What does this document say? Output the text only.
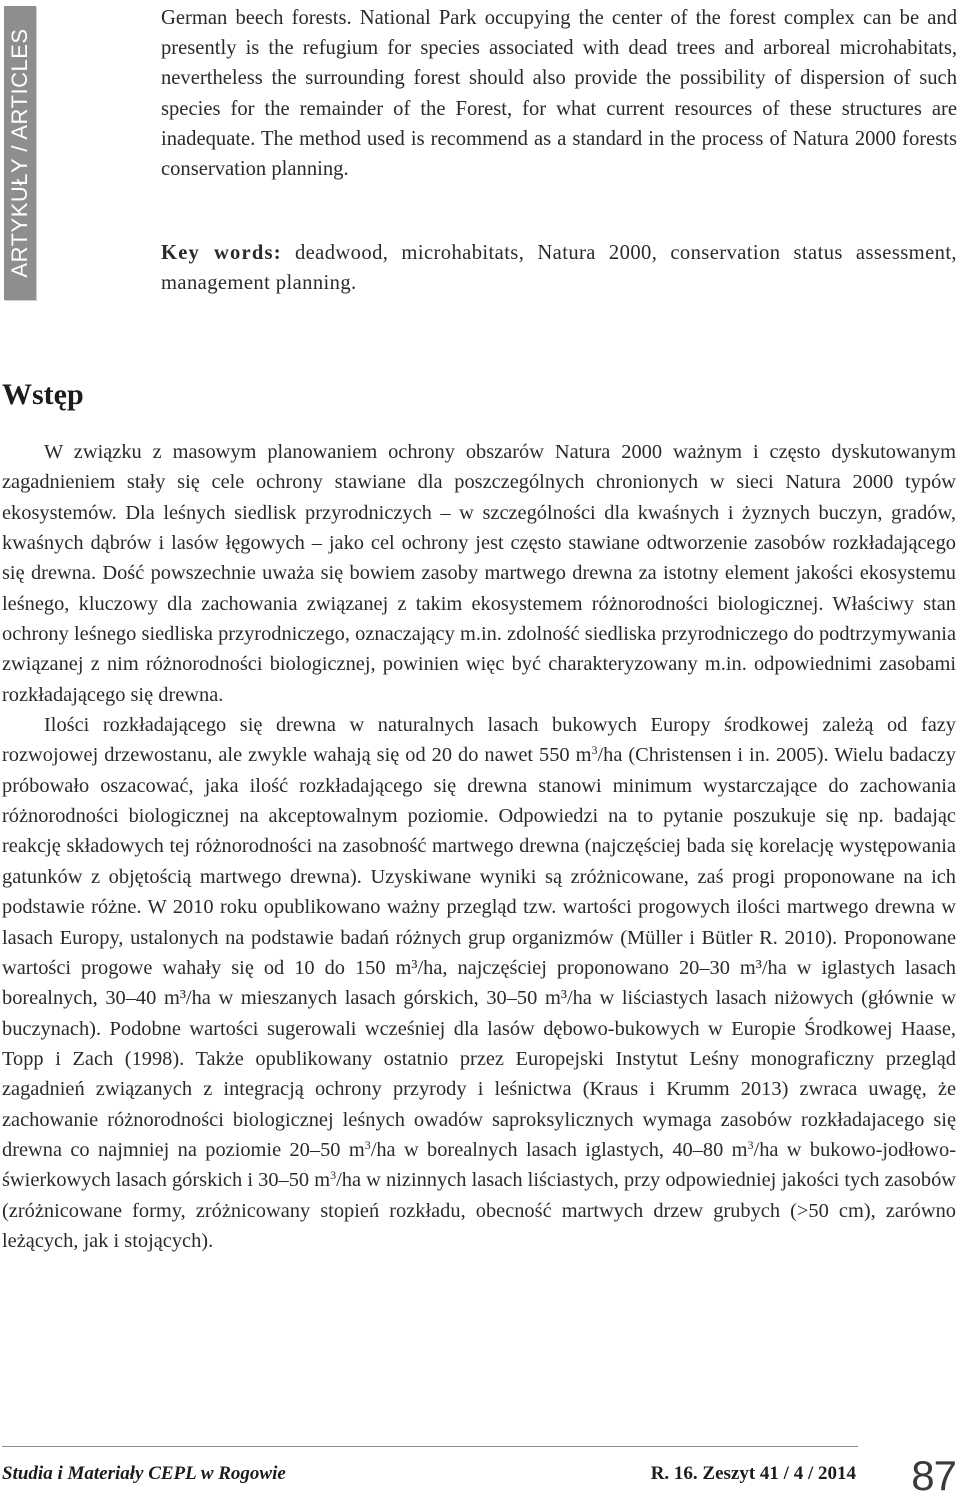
ARTYKUŁY / ARTICLES

German beech forests. National Park occupying the center of the forest complex can be and presently is the refugium for species associated with dead trees and arboreal microhabitats, nevertheless the surrounding forest should also provide the possibility of dispersion of such species for the remainder of the Forest, for what current resources of these structures are inadequate. The method used is recommend as a standard in the process of Natura 2000 forests conservation planning.

Key words: deadwood, microhabitats, Natura 2000, conservation status assessment, management planning.

Wstęp

W związku z masowym planowaniem ochrony obszarów Natura 2000 ważnym i często dyskutowanym zagadnieniem stały się cele ochrony stawiane dla poszczególnych chronionych w sieci Natura 2000 typów ekosystemów. Dla leśnych siedlisk przyrodniczych – w szczególności dla kwaśnych i żyznych buczyn, gradów, kwaśnych dąbrów i lasów łęgowych – jako cel ochrony jest często stawiane odtworzenie zasobów rozkładającego się drewna. Dość powszechnie uważa się bowiem zasoby martwego drewna za istotny element jakości ekosystemu leśnego, kluczowy dla zachowania związanej z takim ekosystemem różnorodności biologicznej. Właściwy stan ochrony leśnego siedliska przyrodniczego, oznaczający m.in. zdolność siedliska przyrodniczego do podtrzymywania związanej z nim różnorodności biologicznej, powinien więc być charakteryzowany m.in. odpowiednimi zasobami rozkładającego się drewna.

Ilości rozkładającego się drewna w naturalnych lasach bukowych Europy środkowej zależą od fazy rozwojowej drzewostanu, ale zwykle wahają się od 20 do nawet 550 $m^3/ha$ (Christensen i in. 2005). Wielu badaczy próbowało oszacować, jaka ilość rozkładającego się drewna stanowi minimum wystarczające do zachowania różnorodności biologicznej na akceptowalnym poziomie. Odpowiedzi na to pytanie poszukuje się np. badając reakcję składowych tej różnorodności na zasobność martwego drewna (najczęściej bada się korelację występowania gatunków z objętością martwego drewna). Uzyskiwane wyniki są zróżnicowane, zaś progi proponowane na ich podstawie różne. W 2010 roku opublikowano ważny przegląd tzw. wartości progowych ilości martwego drewna w lasach Europy, ustalonych na podstawie badań różnych grup organizmów (Müller i Bütler R. 2010). Proponowane wartości progowe wahały się od 10 do 150 m³/ha, najczęściej proponowano 20–30 m³/ha w iglastych lasach borealnych, 30–40 m³/ha w mieszanych lasach górskich, 30–50 m³/ha w liściastych lasach niżowych (głównie w buczynach). Podobne wartości sugerowali wcześniej dla lasów dębowo-bukowych w Europie Środkowej Haase, Topp i Zach (1998). Także opublikowany ostatnio przez Europejski Instytut Leśny monograficzny przegląd zagadnień związanych z integracją ochrony przyrody i leśnictwa (Kraus i Krumm 2013) zwraca uwagę, że zachowanie różnorodności biologicznej leśnych owadów saproksylicznych wymaga zasobów rozkładajacego się drewna co najmniej na poziomie 20–50 $m^3/ha$ w borealnych lasach iglastych, 40–80 $m^3/ha$ w bukowo-jodłowo-świerkowych lasach górskich i 30–50 $m^3/ha$ w nizinnych lasach liściastych, przy odpowiedniej jakości tych zasobów (zróżnicowane formy, zróżnicowany stopień rozkładu, obecność martwych drzew grubych (>50 cm), zarówno leżących, jak i stojących).

Studia i Materiały CEPL w Rogowie	R. 16. Zeszyt 41 / 4 / 2014 87
